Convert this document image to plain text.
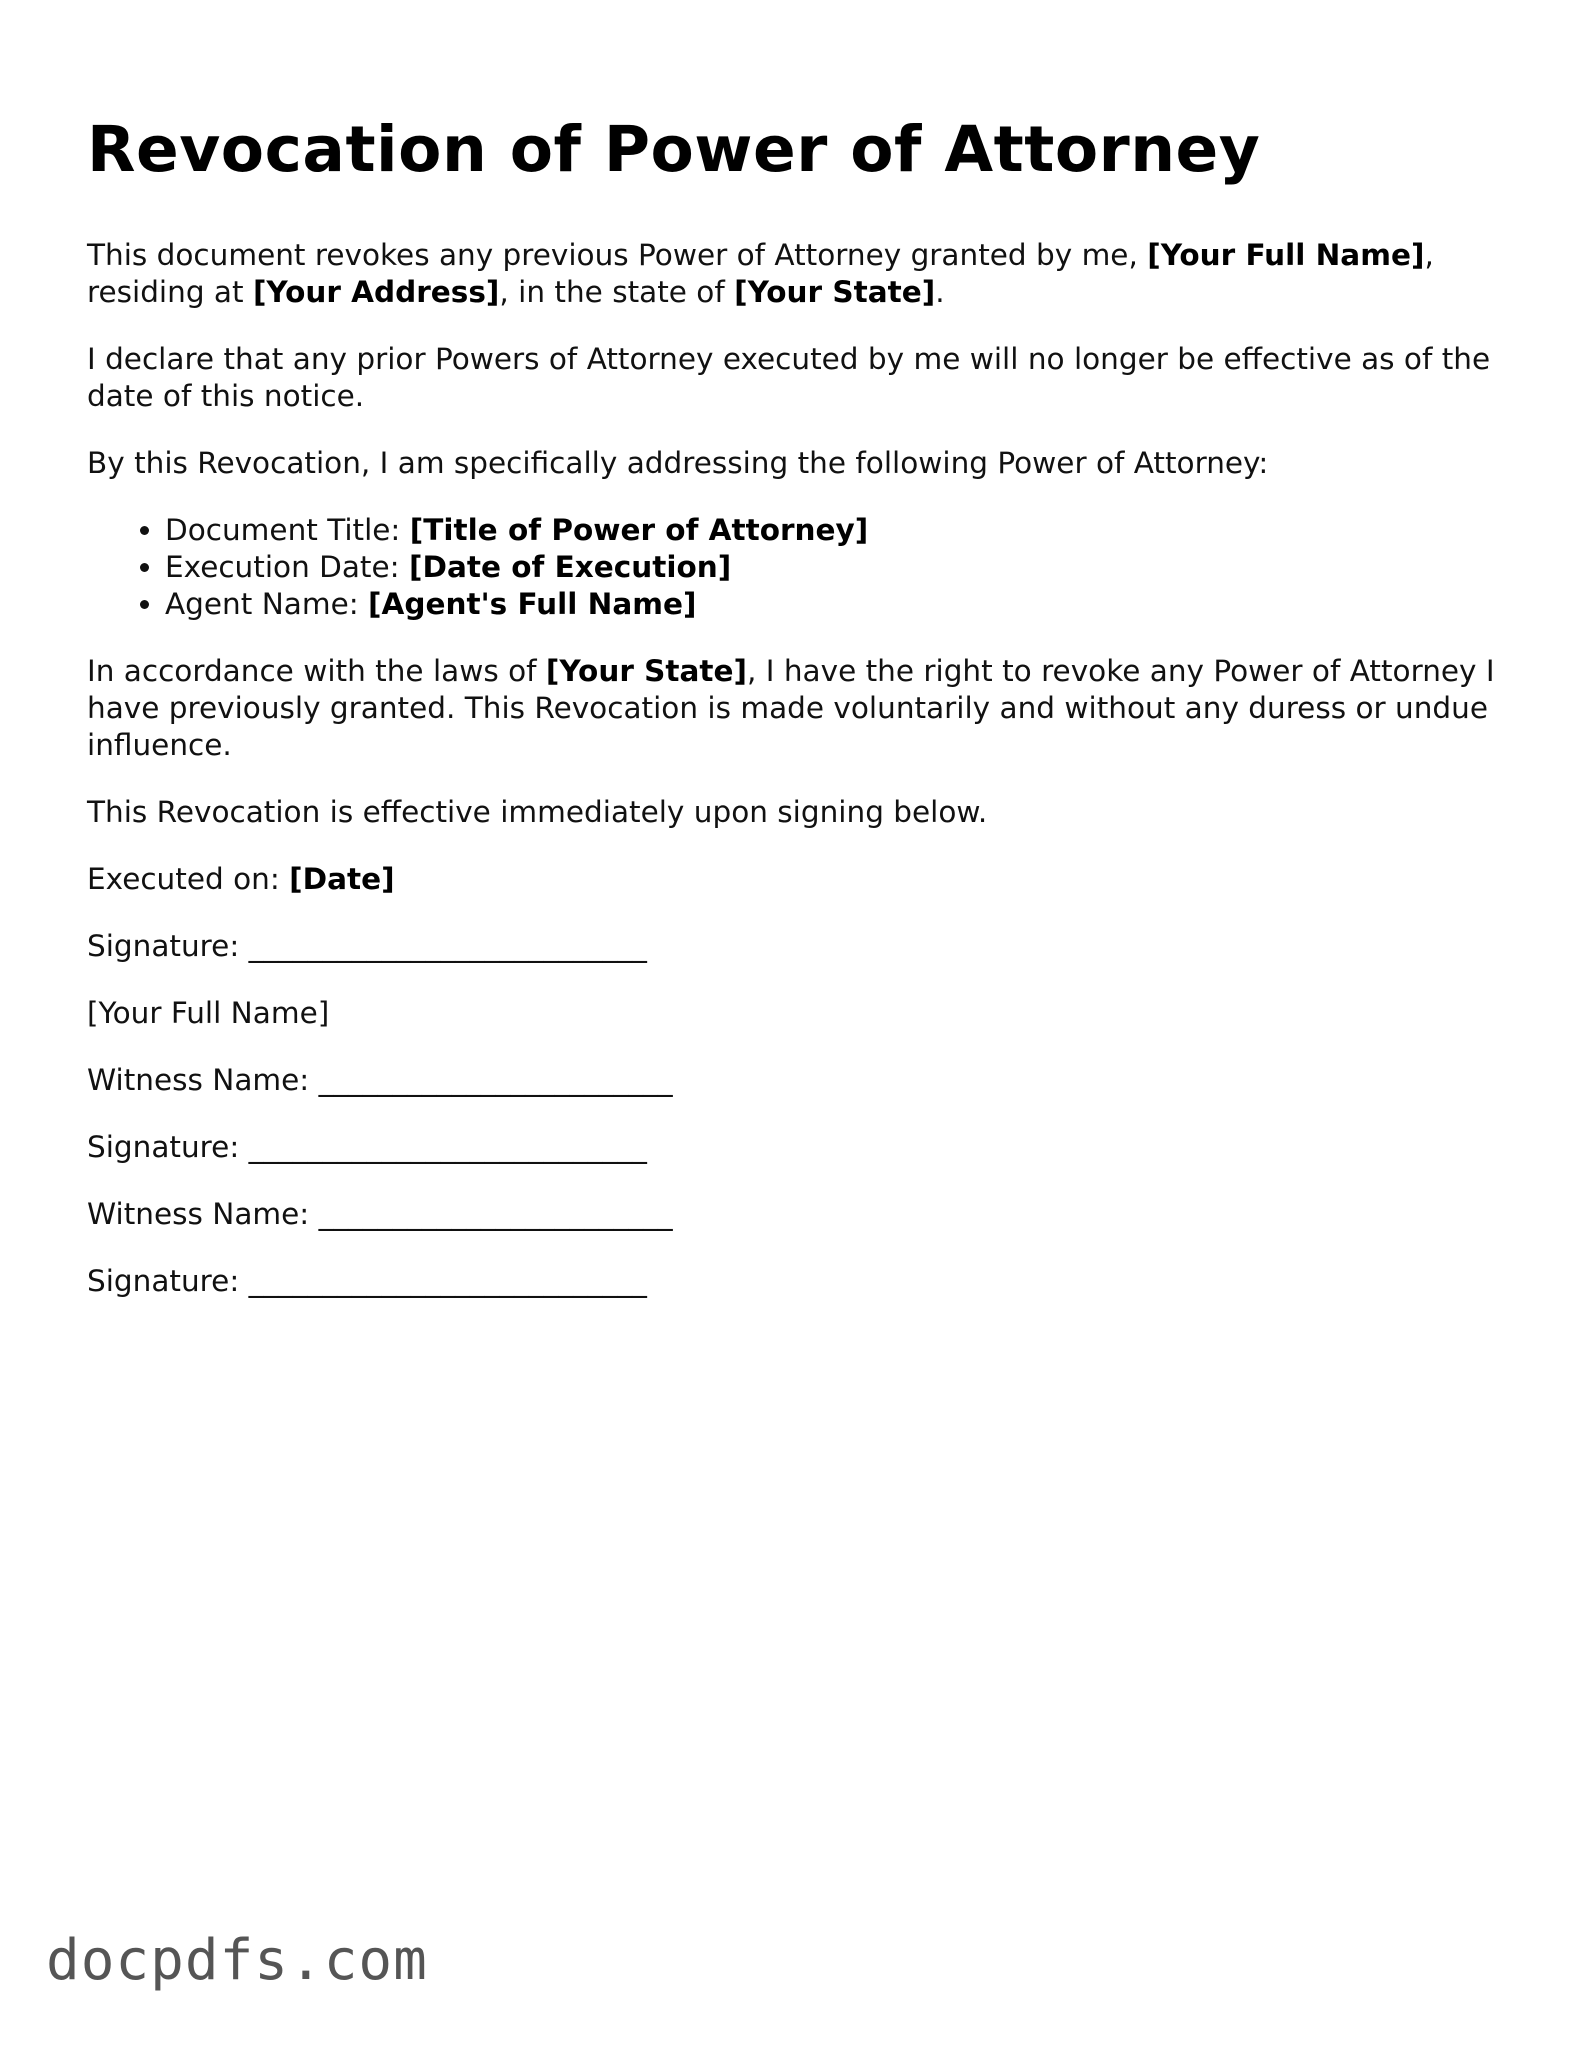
Revocation of Power of Attorney

This document revokes any previous Power of Attorney granted by me, [Your Full Name], residing at [Your Address], in the state of [Your State].

I declare that any prior Powers of Attorney executed by me will no longer be effective as of the date of this notice.

By this Revocation, I am specifically addressing the following Power of Attorney:

• Document Title: [Title of Power of Attorney]
• Execution Date: [Date of Execution]
• Agent Name: [Agent's Full Name]

In accordance with the laws of [Your State], I have the right to revoke any Power of Attorney I have previously granted. This Revocation is made voluntarily and without any duress or undue influence.

This Revocation is effective immediately upon signing below.

Executed on: [Date]

Signature: ___________________________

[Your Full Name]

Witness Name: ________________________

Signature: ___________________________

Witness Name: ________________________

Signature: ___________________________

docpdfs.com
